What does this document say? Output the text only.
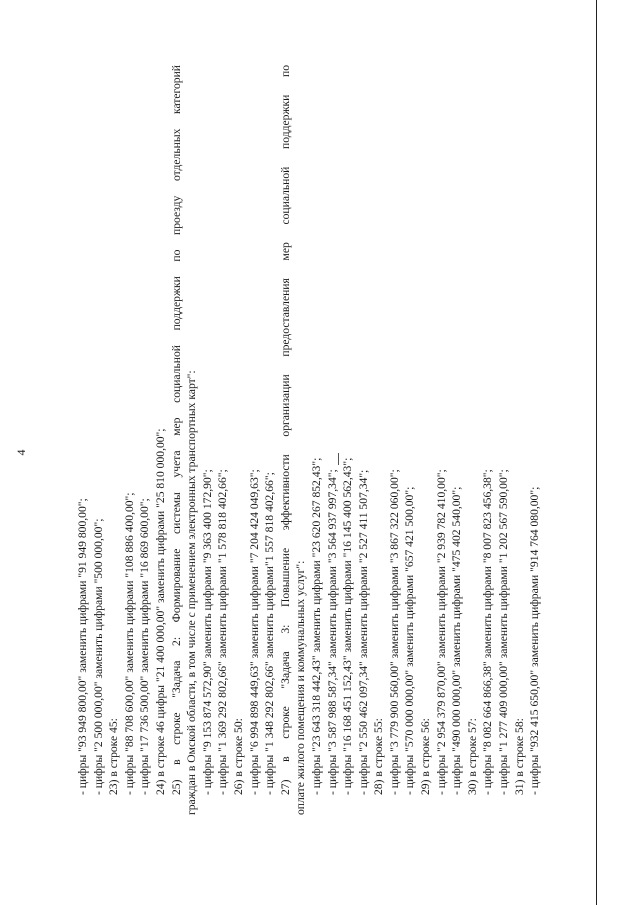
4
- цифры "93 949 800,00" заменить цифрами "91 949 800,00"; - цифры "2 500 000,00" заменить цифрами "500 000,00"; 23) в строке 45: - цифры "88 708 600,00" заменить цифрами "108 886 400,00"; - цифры "17 736 500,00" заменить цифрами "16 869 600,00"; 24) в строке 46 цифры "21 400 000,00" заменить цифрами "25 810 000,00"; 25) в строке "Задача 2: Формирование системы учета мер социальной поддержки по проезду отдельных категорий граждан в Омской области, в том числе с применением электронных транспортных карт": - цифры "9 153 874 572,90" заменить цифрами "9 363 400 172,90"; - цифры "1 369 292 802,66" заменить цифрами "1 578 818 402,66"; 26) в строке 50: - цифры "6 994 898 449,63" заменить цифрами "7 204 424 049,63"; - цифры "1 348 292 802,66" заменить цифрами"1 557 818 402,66"; 27) в строке "Задача 3: Повышение эффективности организации предоставления мер социальной поддержки по оплате жилого помещения и коммунальных услуг": - цифры "23 643 318 442,43" заменить цифрами "23 620 267 852,43"; - цифры "3 587 988 587,34" заменить цифрами "3 564 937 997,34"; - цифры "16 168 451 152,43" заменить цифрами "16 145 400 562,43"; - цифры "2 550 462 097,34" заменить цифрами "2 527 411 507,34"; 28) в строке 55: - цифры "3 779 900 560,00" заменить цифрами "3 867 322 060,00"; - цифры "570 000 000,00" заменить цифрами "657 421 500,00"; 29) в строке 56: - цифры "2 954 379 870,00" заменить цифрами "2 939 782 410,00"; - цифры "490 000 000,00" заменить цифрами "475 402 540,00"; 30) в строке 57: - цифры "8 082 664 866,38" заменить цифрами "8 007 823 456,38"; - цифры "1 277 409 000,00" заменить цифрами "1 202 567 590,00"; 31) в строке 58: - цифры "932 415 650,00" заменить цифрами "914 764 080,00";
